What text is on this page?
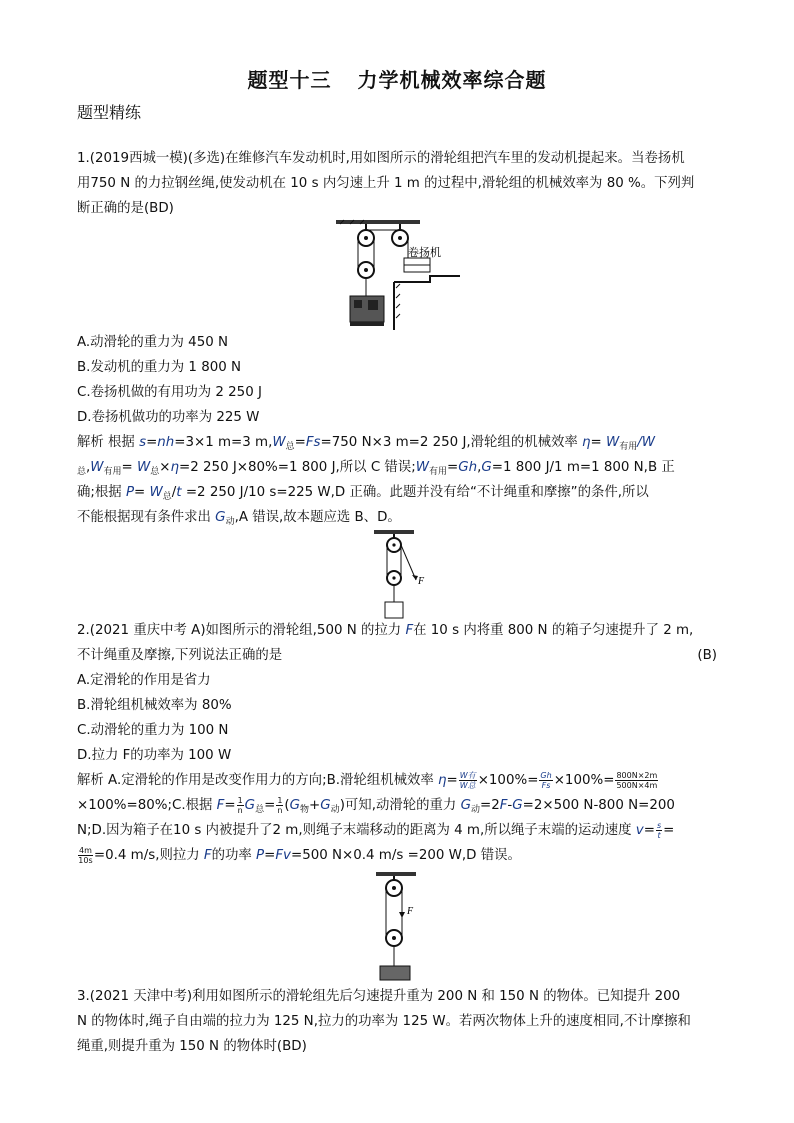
题型十三 力学机械效率综合题
题型精练
1.(2019西城一模)(多选)在维修汽车发动机时,用如图所示的滑轮组把汽车里的发动机提起来。当卷扬机
用750 N 的力拉钢丝绳,使发动机在 10 s 内匀速上升 1 m 的过程中,滑轮组的机械效率为 80 %。下列判
断正确的是(BD)
卷扬机
A.动滑轮的重力为 450 N
B.发动机的重力为 1 800 N
C.卷扬机做的有用功为 2 250 J
D.卷扬机做功的功率为 225 W
解析 根据 s=nh=3×1 m=3 $m,W_总=Fs=750$ N×3 m=2 250 J,滑轮组的机械效率 $\eta= W_{有用}/W$
$_总,W_{有用}= W_总\times\eta=2$ 250 J×80%=1 800 J,所以 C 错误$;W_{有用}=Gh,G=1$ 800 J/1 m=1 800 N,B 正
确;根据 $P= W_总/t =2$ 250 J/10 s=225 W,D 正确。此题并没有给“不计绳重和摩擦”的条件,所以
不能根据现有条件求出 $G_动,A$ 错误,故本题应选 B、D。
F
2.(2021 重庆中考 A)如图所示的滑轮组,500 N 的拉力 F在 10 s 内将重 800 N 的箱子匀速提升了 2 m,
不计绳重及摩擦,下列说法正确的是	(B)
A.定滑轮的作用是省力
B.滑轮组机械效率为 80%
C.动滑轮的重力为 100 N
D.拉力 F的功率为 100 W
解析 A.定滑轮的作用是改变作用力的方向;B.滑轮组机械效率 $\eta= \frac{\text{W有}}{\text{W总}} \times 100\%= \frac{Gh}{Fs} \times 100\%= \frac{800N\times 2m}{500N\times 4m}$
×100%=80%;C.根据 $F= \frac{1}{n} G_总= \frac{1}{n} (G_物+G_动)$可知,动滑轮的重力 $G_动=2F-G=2\times 500$ N-800 N=200
N;D.因为箱子在10 s 内被提升了2 m,则绳子末端移动的距离为 4 m,所以绳子末端的运动速度 $v= \frac{s}{t}$ =
$\frac{4m}{10s} =0.4$ m/s,则拉力 F的功率 P=Fv=500 N×0.4 m/s =200 W,D 错误。
F
3.(2021 天津中考)利用如图所示的滑轮组先后匀速提升重为 200 N 和 150 N 的物体。已知提升 200
N 的物体时,绳子自由端的拉力为 125 N,拉力的功率为 125 W。若两次物体上升的速度相同,不计摩擦和
绳重,则提升重为 150 N 的物体时(BD)
